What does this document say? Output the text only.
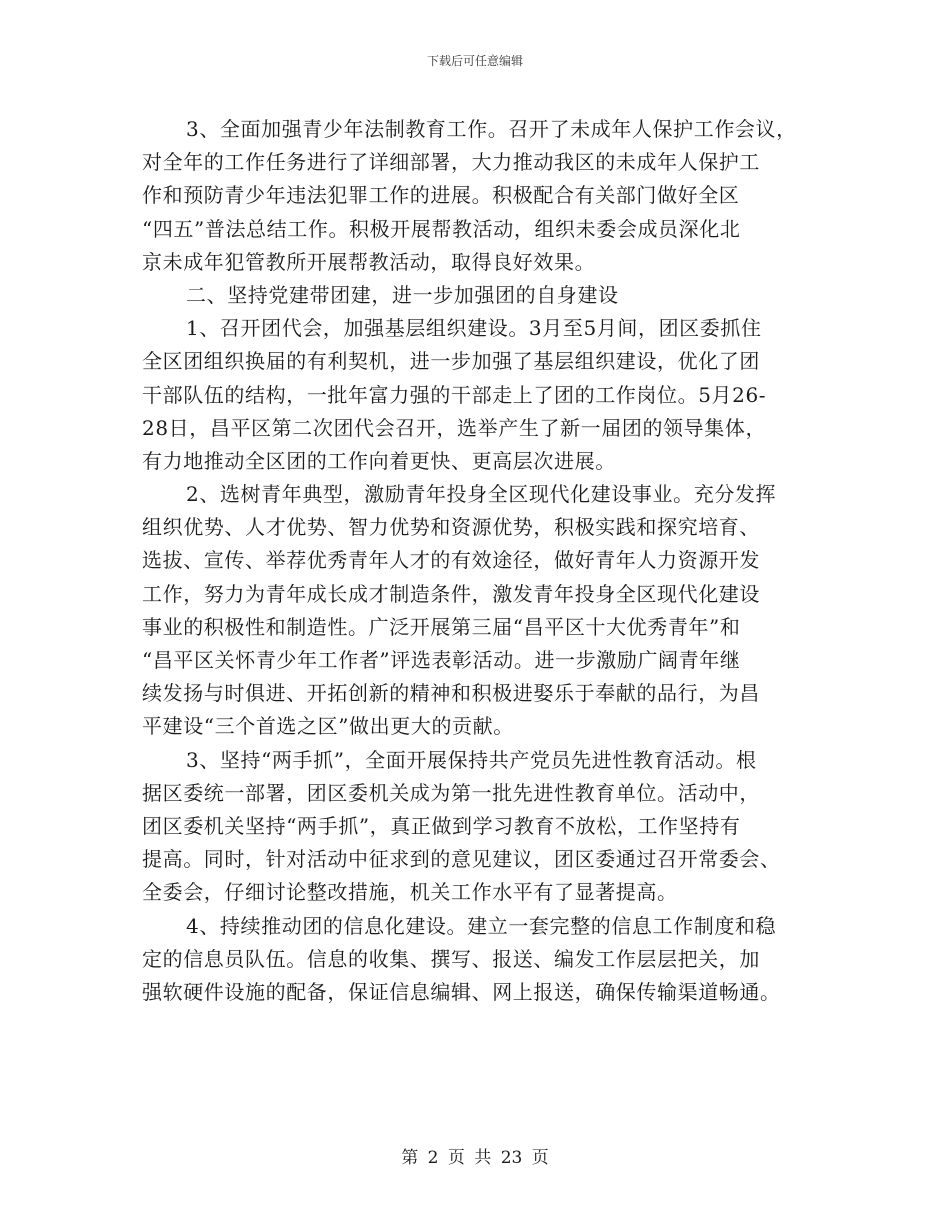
下载后可任意编辑
3、全面加强青少年法制教育工作。召开了未成年人保护工作会议，
对全年的工作任务进行了详细部署，大力推动我区的未成年人保护工
作和预防青少年违法犯罪工作的进展。积极配合有关部门做好全区
“四五”普法总结工作。积极开展帮教活动，组织未委会成员深化北
京未成年犯管教所开展帮教活动，取得良好效果。
二、坚持党建带团建，进一步加强团的自身建设
1、召开团代会，加强基层组织建设。3月至5月间，团区委抓住
全区团组织换届的有利契机，进一步加强了基层组织建设，优化了团
干部队伍的结构，一批年富力强的干部走上了团的工作岗位。5月26-
28日，昌平区第二次团代会召开，选举产生了新一届团的领导集体，
有力地推动全区团的工作向着更快、更高层次进展。
2、选树青年典型，激励青年投身全区现代化建设事业。充分发挥
组织优势、人才优势、智力优势和资源优势，积极实践和探究培育、
选拔、宣传、举荐优秀青年人才的有效途径，做好青年人力资源开发
工作，努力为青年成长成才制造条件，激发青年投身全区现代化建设
事业的积极性和制造性。广泛开展第三届“昌平区十大优秀青年”和
“昌平区关怀青少年工作者”评选表彰活动。进一步激励广阔青年继
续发扬与时俱进、开拓创新的精神和积极进娶乐于奉献的品行，为昌
平建设“三个首选之区”做出更大的贡献。
3、坚持“两手抓”，全面开展保持共产党员先进性教育活动。根
据区委统一部署，团区委机关成为第一批先进性教育单位。活动中，
团区委机关坚持“两手抓”，真正做到学习教育不放松，工作坚持有
提高。同时，针对活动中征求到的意见建议，团区委通过召开常委会、
全委会，仔细讨论整改措施，机关工作水平有了显著提高。
4、持续推动团的信息化建设。建立一套完整的信息工作制度和稳
定的信息员队伍。信息的收集、撰写、报送、编发工作层层把关，加
强软硬件设施的配备，保证信息编辑、网上报送，确保传输渠道畅通。
第 2 页 共 23 页
